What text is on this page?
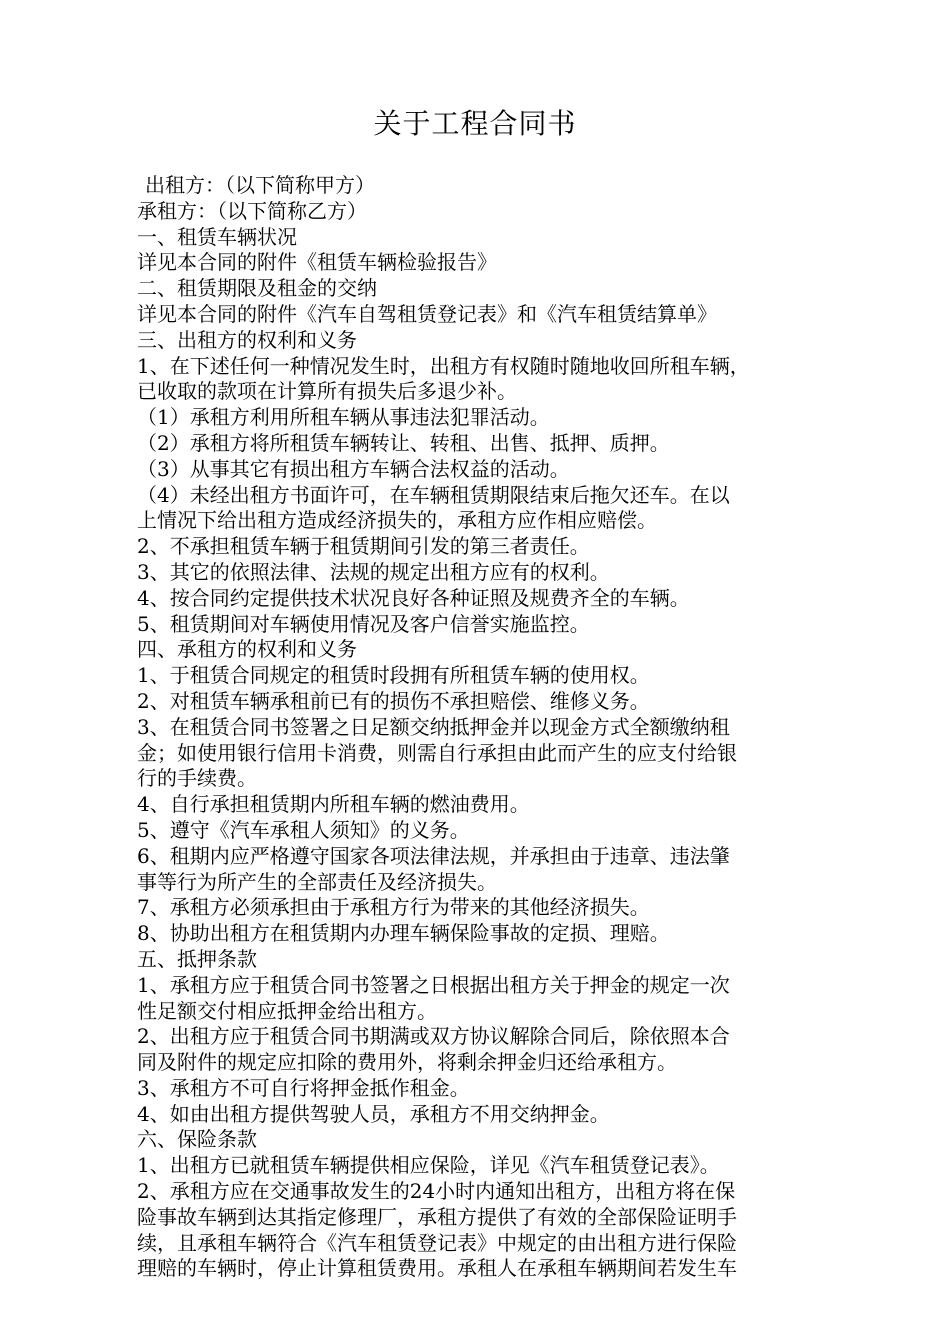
关于工程合同书
出租方：（以下简称甲方）
承租方：（以下简称乙方）
一、租赁车辆状况
详见本合同的附件《租赁车辆检验报告》
二、租赁期限及租金的交纳
详见本合同的附件《汽车自驾租赁登记表》和《汽车租赁结算单》
三、出租方的权利和义务
1、在下述任何一种情况发生时，出租方有权随时随地收回所租车辆，
已收取的款项在计算所有损失后多退少补。
（1）承租方利用所租车辆从事违法犯罪活动。
（2）承租方将所租赁车辆转让、转租、出售、抵押、质押。
（3）从事其它有损出租方车辆合法权益的活动。
（4）未经出租方书面许可，在车辆租赁期限结束后拖欠还车。在以
上情况下给出租方造成经济损失的，承租方应作相应赔偿。
2、不承担租赁车辆于租赁期间引发的第三者责任。
3、其它的依照法律、法规的规定出租方应有的权利。
4、按合同约定提供技术状况良好各种证照及规费齐全的车辆。
5、租赁期间对车辆使用情况及客户信誉实施监控。
四、承租方的权利和义务
1、于租赁合同规定的租赁时段拥有所租赁车辆的使用权。
2、对租赁车辆承租前已有的损伤不承担赔偿、维修义务。
3、在租赁合同书签署之日足额交纳抵押金并以现金方式全额缴纳租
金；如使用银行信用卡消费，则需自行承担由此而产生的应支付给银
行的手续费。
4、自行承担租赁期内所租车辆的燃油费用。
5、遵守《汽车承租人须知》的义务。
6、租期内应严格遵守国家各项法律法规，并承担由于违章、违法肇
事等行为所产生的全部责任及经济损失。
7、承租方必须承担由于承租方行为带来的其他经济损失。
8、协助出租方在租赁期内办理车辆保险事故的定损、理赔。
五、抵押条款
1、承租方应于租赁合同书签署之日根据出租方关于押金的规定一次
性足额交付相应抵押金给出租方。
2、出租方应于租赁合同书期满或双方协议解除合同后，除依照本合
同及附件的规定应扣除的费用外，将剩余押金归还给承租方。
3、承租方不可自行将押金抵作租金。
4、如由出租方提供驾驶人员，承租方不用交纳押金。
六、保险条款
1、出租方已就租赁车辆提供相应保险，详见《汽车租赁登记表》。
2、承租方应在交通事故发生的24小时内通知出租方，出租方将在保
险事故车辆到达其指定修理厂，承租方提供了有效的全部保险证明手
续，且承租车辆符合《汽车租赁登记表》中规定的由出租方进行保险
理赔的车辆时，停止计算租赁费用。承租人在承租车辆期间若发生车
